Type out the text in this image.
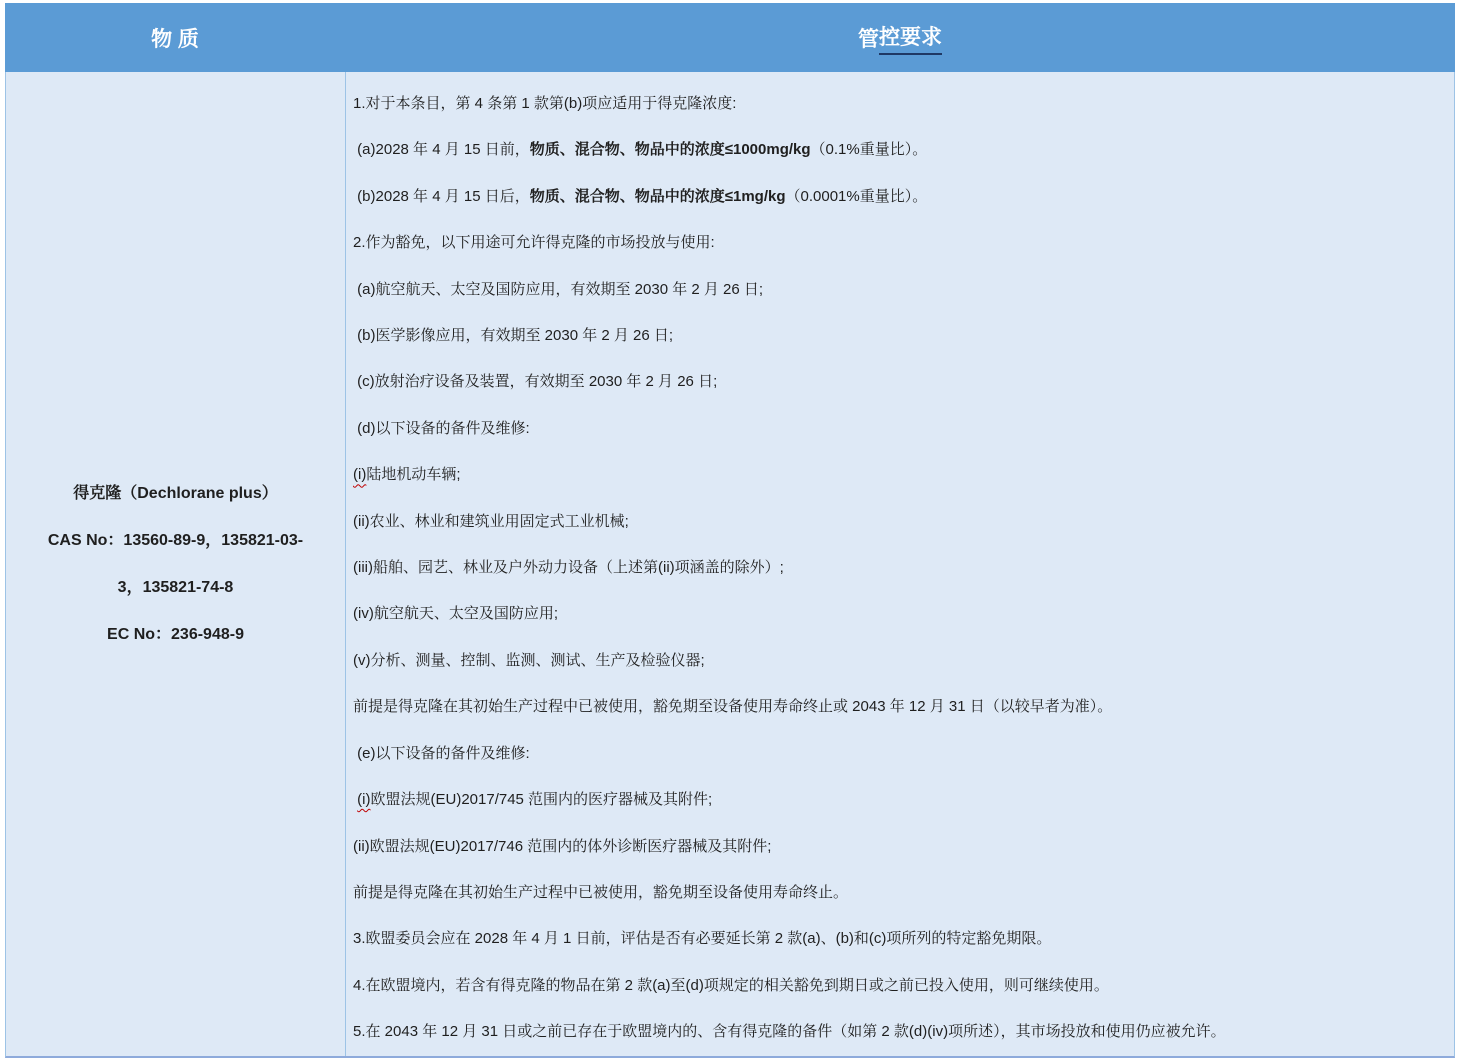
物 质	管 控要求
得克隆（Dechlorane plus）
CAS No：13560-89-9，135821-03-
3，135821-74-8
EC No：236-948-9

1.对于本条目，第 4 条第 1 款第(b)项应适用于得克隆浓度:

(a)2028 年 4 月 15 日前，物质、混合物、物品中的浓度≤1000mg/kg（0.1%重量比）。

(b)2028 年 4 月 15 日后，物质、混合物、物品中的浓度≤1mg/kg（0.0001%重量比）。

2.作为豁免，以下用途可允许得克隆的市场投放与使用:

(a)航空航天、太空及国防应用，有效期至 2030 年 2 月 26 日;

(b)医学影像应用，有效期至 2030 年 2 月 26 日;

(c)放射治疗设备及装置，有效期至 2030 年 2 月 26 日;

(d)以下设备的备件及维修:

(i)陆地机动车辆;

(ii)农业、林业和建筑业用固定式工业机械;

(iii)船舶、园艺、林业及户外动力设备（上述第(ii)项涵盖的除外）;

(iv)航空航天、太空及国防应用;

(v)分析、测量、控制、监测、测试、生产及检验仪器;

前提是得克隆在其初始生产过程中已被使用，豁免期至设备使用寿命终止或 2043 年 12 月 31 日（以较早者为准）。

(e)以下设备的备件及维修:

(i)欧盟法规(EU)2017/745 范围内的医疗器械及其附件;

(ii)欧盟法规(EU)2017/746 范围内的体外诊断医疗器械及其附件;

前提是得克隆在其初始生产过程中已被使用，豁免期至设备使用寿命终止。

3.欧盟委员会应在 2028 年 4 月 1 日前，评估是否有必要延长第 2 款(a)、(b)和(c)项所列的特定豁免期限。

4.在欧盟境内，若含有得克隆的物品在第 2 款(a)至(d)项规定的相关豁免到期日或之前已投入使用，则可继续使用。

5.在 2043 年 12 月 31 日或之前已存在于欧盟境内的、含有得克隆的备件（如第 2 款(d)(iv)项所述），其市场投放和使用仍应被允许。
